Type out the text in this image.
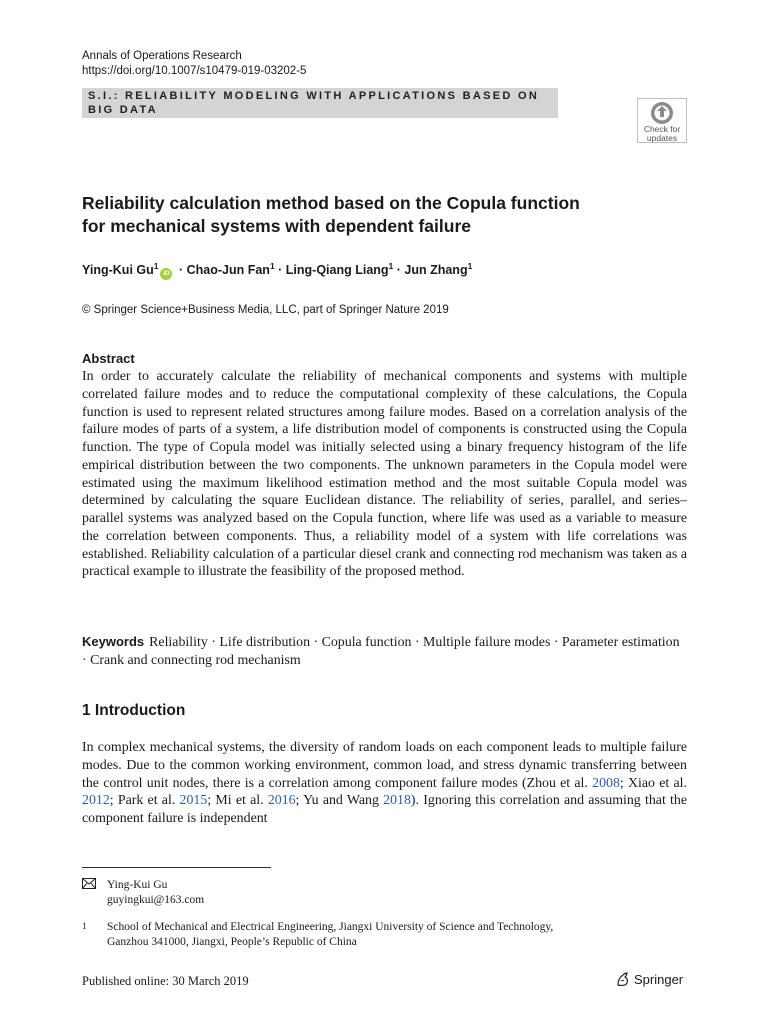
Annals of Operations Research
https://doi.org/10.1007/s10479-019-03202-5
S.I.: RELIABILITY MODELING WITH APPLICATIONS BASED ON
BIG DATA
Check for
updates
Reliability calculation method based on the Copula function
for mechanical systems with dependent failure
Ying-Kui $Gu^1iD$ · Chao-Jun Fan$^1$ · Ling-Qiang Liang$^1$ · Jun Zhang$^1$
© Springer Science+Business Media, LLC, part of Springer Nature 2019
Abstract

In order to accurately calculate the reliability of mechanical components and systems with multiple correlated failure modes and to reduce the computational complexity of these calculations, the Copula function is used to represent related structures among failure modes. Based on a correlation analysis of the failure modes of parts of a system, a life distribution model of components is constructed using the Copula function. The type of Copula model was initially selected using a binary frequency histogram of the life empirical distribution between the two components. The unknown parameters in the Copula model were estimated using the maximum likelihood estimation method and the most suitable Copula model was determined by calculating the square Euclidean distance. The reliability of series, parallel, and series–parallel systems was analyzed based on the Copula function, where life was used as a variable to measure the correlation between components. Thus, a reliability model of a system with life correlations was established. Reliability calculation of a particular diesel crank and connecting rod mechanism was taken as a practical example to illustrate the feasibility of the proposed method.

Keywords Reliability · Life distribution · Copula function · Multiple failure modes · Parameter estimation · Crank and connecting rod mechanism
1 Introduction

In complex mechanical systems, the diversity of random loads on each component leads to multiple failure modes. Due to the common working environment, common load, and stress dynamic transferring between the control unit nodes, there is a correlation among component failure modes (Zhou et al. 2008; Xiao et al. 2012; Park et al. 2015; Mi et al. 2016; Yu and Wang 2018). Ignoring this correlation and assuming that the component failure is independent

Ying-Kui Gu
guyingkui@163.com
1 School of Mechanical and Electrical Engineering, Jiangxi University of Science and Technology,
Ganzhou 341000, Jiangxi, People’s Republic of China
Published online: 30 March 2019	Springer
